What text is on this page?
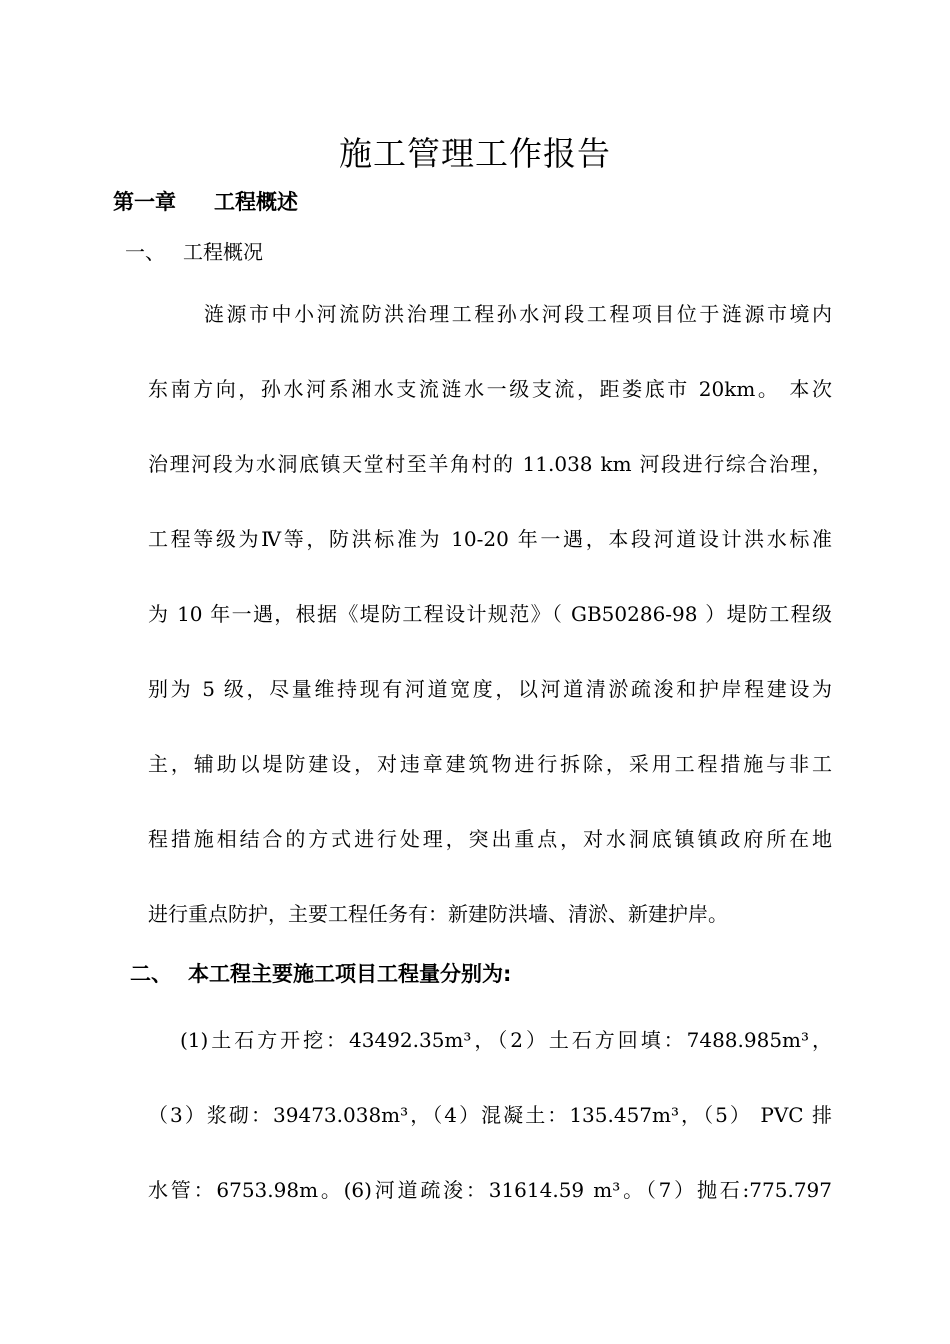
施工管理工作报告
第一章 工程概述
一、 工程概况
涟源市中小河流防洪治理工程孙水河段工程项目位于涟源市境内
东南方向，孙水河系湘水支流涟水一级支流，距娄底市 20km。 本次
治理河段为水洞底镇天堂村至羊角村的 11.038 km 河段进行综合治理，
工程等级为Ⅳ等，防洪标准为 10-20 年一遇，本段河道设计洪水标准
为 10 年一遇，根据《堤防工程设计规范》（ GB50286-98 ）堤防工程级
别为 5 级，尽量维持现有河道宽度，以河道清淤疏浚和护岸程建设为
主，辅助以堤防建设，对违章建筑物进行拆除，采用工程措施与非工
程措施相结合的方式进行处理，突出重点，对水洞底镇镇政府所在地
进行重点防护，主要工程任务有：新建防洪墙、清淤、新建护岸。
二、 本工程主要施工项目工程量分别为:
(1)土石方开挖：43492.35m³，（2）土石方回填：7488.985m³，
（3）浆砌：39473.038m³，（4）混凝土：135.457m³，（5） PVC 排
水管：6753.98m。(6)河道疏浚：31614.59 m³。（7）抛石:775.797
